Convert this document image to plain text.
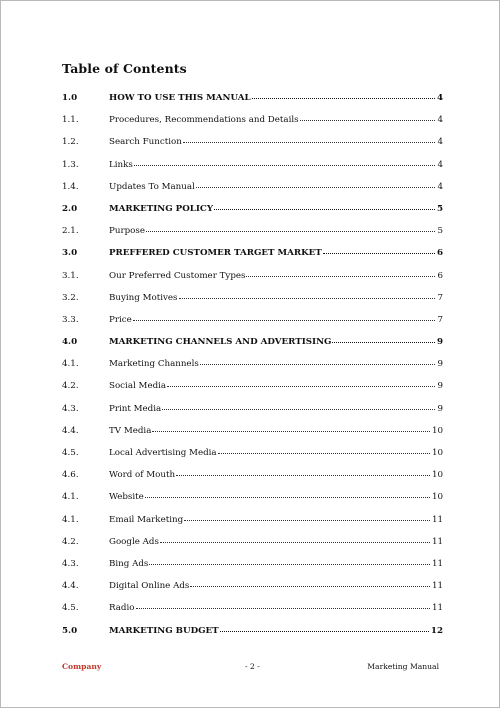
Table of Contents
1.0	HOW TO USE THIS MANUAL	4
1.1.	Procedures, Recommendations and Details	4
1.2.	Search Function	4
1.3.	Links	4
1.4.	Updates To Manual	4
2.0	MARKETING POLICY	5
2.1.	Purpose	5
3.0	PREFFERED CUSTOMER TARGET MARKET	6
3.1.	Our Preferred Customer Types	6
3.2.	Buying Motives	7
3.3.	Price	7
4.0	MARKETING CHANNELS AND ADVERTISING	9
4.1.	Marketing Channels	9
4.2.	Social Media	9
4.3.	Print Media	9
4.4.	TV Media	10
4.5.	Local Advertising Media	10
4.6.	Word of Mouth	10
4.1.	Website	10
4.1.	Email Marketing	11
4.2.	Google Ads	11
4.3.	Bing Ads	11
4.4.	Digital Online Ads	11
4.5.	Radio	11
5.0	MARKETING BUDGET	12
Company	- 2 -	Marketing Manual
